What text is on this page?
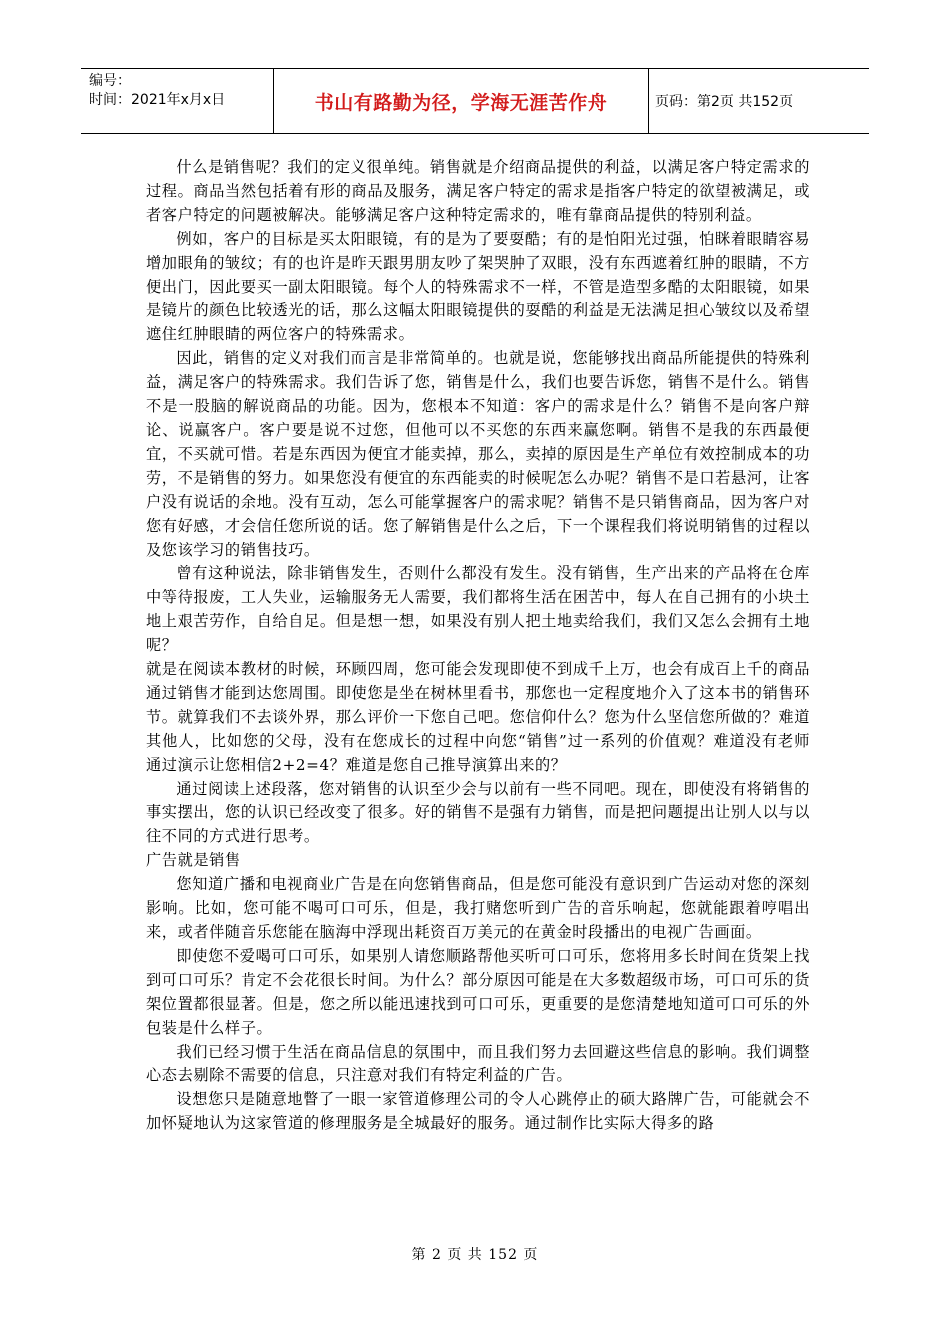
编号：
时间：2021年x月x日	书山有路勤为径，学海无涯苦作舟	页码：第2页 共152页

什么是销售呢？我们的定义很单纯。销售就是介绍商品提供的利益，以满足客户特定需求的过程。商品当然包括着有形的商品及服务，满足客户特定的需求是指客户特定的欲望被满足，或者客户特定的问题被解决。能够满足客户这种特定需求的，唯有靠商品提供的特别利益。

例如，客户的目标是买太阳眼镜，有的是为了要耍酷；有的是怕阳光过强，怕眯着眼睛容易增加眼角的皱纹；有的也许是昨天跟男朋友吵了架哭肿了双眼，没有东西遮着红肿的眼睛，不方便出门，因此要买一副太阳眼镜。每个人的特殊需求不一样，不管是造型多酷的太阳眼镜，如果是镜片的颜色比较透光的话，那么这幅太阳眼镜提供的耍酷的利益是无法满足担心皱纹以及希望遮住红肿眼睛的两位客户的特殊需求。

因此，销售的定义对我们而言是非常简单的。也就是说，您能够找出商品所能提供的特殊利益，满足客户的特殊需求。我们告诉了您，销售是什么，我们也要告诉您，销售不是什么。销售不是一股脑的解说商品的功能。因为，您根本不知道：客户的需求是什么？销售不是向客户辩论、说赢客户。客户要是说不过您，但他可以不买您的东西来赢您啊。销售不是我的东西最便宜，不买就可惜。若是东西因为便宜才能卖掉，那么，卖掉的原因是生产单位有效控制成本的功劳，不是销售的努力。如果您没有便宜的东西能卖的时候呢怎么办呢？销售不是口若悬河，让客户没有说话的余地。没有互动，怎么可能掌握客户的需求呢？销售不是只销售商品，因为客户对您有好感，才会信任您所说的话。您了解销售是什么之后，下一个课程我们将说明销售的过程以及您该学习的销售技巧。

曾有这种说法，除非销售发生，否则什么都没有发生。没有销售，生产出来的产品将在仓库中等待报废，工人失业，运输服务无人需要，我们都将生活在困苦中，每人在自己拥有的小块土地上艰苦劳作，自给自足。但是想一想，如果没有别人把土地卖给我们，我们又怎么会拥有土地呢？

就是在阅读本教材的时候，环顾四周，您可能会发现即使不到成千上万，也会有成百上千的商品通过销售才能到达您周围。即使您是坐在树林里看书，那您也一定程度地介入了这本书的销售环节。就算我们不去谈外界，那么评价一下您自己吧。您信仰什么？您为什么坚信您所做的？难道其他人，比如您的父母，没有在您成长的过程中向您“销售”过一系列的价值观？难道没有老师通过演示让您相信2+2=4？难道是您自己推导演算出来的？

通过阅读上述段落，您对销售的认识至少会与以前有一些不同吧。现在，即使没有将销售的事实摆出，您的认识已经改变了很多。好的销售不是强有力销售，而是把问题提出让别人以与以往不同的方式进行思考。

广告就是销售

您知道广播和电视商业广告是在向您销售商品，但是您可能没有意识到广告运动对您的深刻影响。比如，您可能不喝可口可乐，但是，我打赌您听到广告的音乐响起，您就能跟着哼唱出来，或者伴随音乐您能在脑海中浮现出耗资百万美元的在黄金时段播出的电视广告画面。

即使您不爱喝可口可乐，如果别人请您顺路帮他买听可口可乐，您将用多长时间在货架上找到可口可乐？肯定不会花很长时间。为什么？部分原因可能是在大多数超级市场，可口可乐的货架位置都很显著。但是，您之所以能迅速找到可口可乐，更重要的是您清楚地知道可口可乐的外包装是什么样子。

我们已经习惯于生活在商品信息的氛围中，而且我们努力去回避这些信息的影响。我们调整心态去剔除不需要的信息，只注意对我们有特定利益的广告。

设想您只是随意地瞥了一眼一家管道修理公司的令人心跳停止的硕大路牌广告，可能就会不加怀疑地认为这家管道的修理服务是全城最好的服务。通过制作比实际大得多的路

第 2 页 共 152 页
